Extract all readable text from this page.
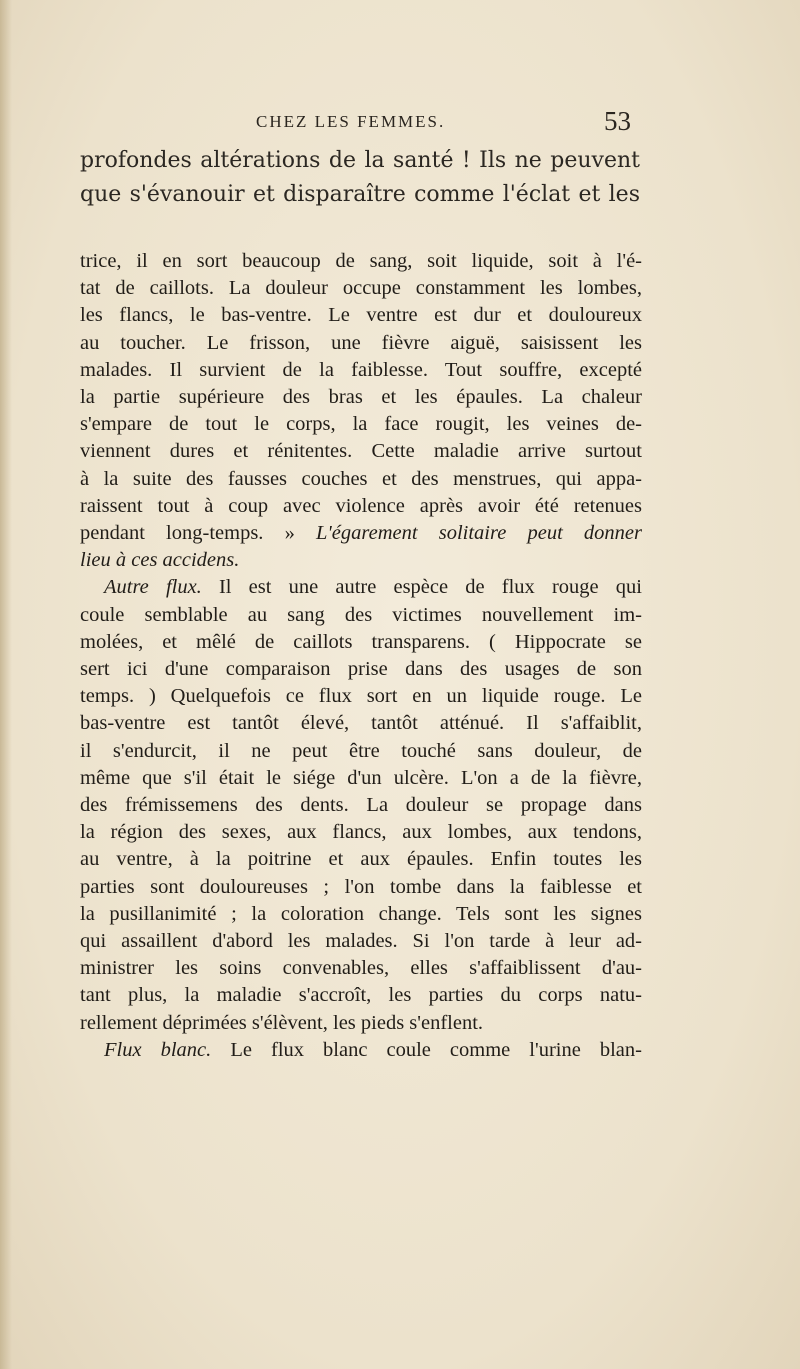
CHEZ LES FEMMES.	53
profondes altérations de la santé ! Ils ne peuvent
que s'évanouir et disparaître comme l'éclat et les
trice, il en sort beaucoup de sang, soit liquide, soit à l'é-
tat de caillots. La douleur occupe constamment les lombes,
les flancs, le bas-ventre. Le ventre est dur et douloureux
au toucher. Le frisson, une fièvre aiguë, saisissent les
malades. Il survient de la faiblesse. Tout souffre, excepté
la partie supérieure des bras et les épaules. La chaleur
s'empare de tout le corps, la face rougit, les veines de-
viennent dures et rénitentes. Cette maladie arrive surtout
à la suite des fausses couches et des menstrues, qui appa-
raissent tout à coup avec violence après avoir été retenues
pendant long-temps. » L'égarement solitaire peut donner
lieu à ces accidens.
Autre flux. Il est une autre espèce de flux rouge qui
coule semblable au sang des victimes nouvellement im-
molées, et mêlé de caillots transparens. ( Hippocrate se
sert ici d'une comparaison prise dans des usages de son
temps. ) Quelquefois ce flux sort en un liquide rouge. Le
bas-ventre est tantôt élevé, tantôt atténué. Il s'affaiblit,
il s'endurcit, il ne peut être touché sans douleur, de
même que s'il était le siége d'un ulcère. L'on a de la fièvre,
des frémissemens des dents. La douleur se propage dans
la région des sexes, aux flancs, aux lombes, aux tendons,
au ventre, à la poitrine et aux épaules. Enfin toutes les
parties sont douloureuses ; l'on tombe dans la faiblesse et
la pusillanimité ; la coloration change. Tels sont les signes
qui assaillent d'abord les malades. Si l'on tarde à leur ad-
ministrer les soins convenables, elles s'affaiblissent d'au-
tant plus, la maladie s'accroît, les parties du corps natu-
rellement déprimées s'élèvent, les pieds s'enflent.
Flux blanc. Le flux blanc coule comme l'urine blan-
